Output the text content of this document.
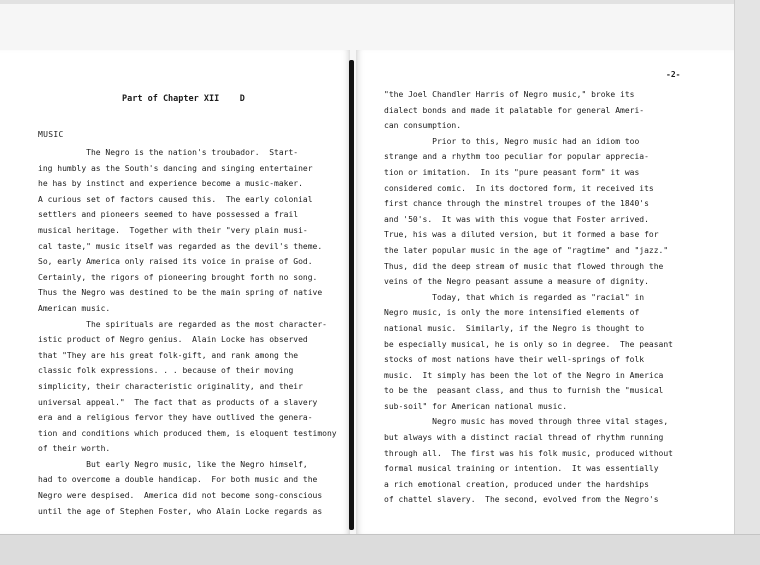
Part of Chapter XII    D
MUSIC
The Negro is the nation's troubador.  Start-
ing humbly as the South's dancing and singing entertainer
he has by instinct and experience become a music-maker.
A curious set of factors caused this.  The early colonial
settlers and pioneers seemed to have possessed a frail
musical heritage.  Together with their "very plain musi-
cal taste," music itself was regarded as the devil's theme.
So, early America only raised its voice in praise of God.
Certainly, the rigors of pioneering brought forth no song.
Thus the Negro was destined to be the main spring of native
American music.
The spirituals are regarded as the most character-
istic product of Negro genius.  Alain Locke has observed
that "They are his great folk-gift, and rank among the
classic folk expressions. . . because of their moving
simplicity, their characteristic originality, and their
universal appeal."  The fact that as products of a slavery
era and a religious fervor they have outlived the genera-
tion and conditions which produced them, is eloquent testimony
of their worth.
But early Negro music, like the Negro himself,
had to overcome a double handicap.  For both music and the
Negro were despised.  America did not become song-conscious
until the age of Stephen Foster, who Alain Locke regards as
-2-
"the Joel Chandler Harris of Negro music," broke its
dialect bonds and made it palatable for general Ameri-
can consumption.
Prior to this, Negro music had an idiom too
strange and a rhythm too peculiar for popular apprecia-
tion or imitation.  In its "pure peasant form" it was
considered comic.  In its doctored form, it received its
first chance through the minstrel troupes of the 1840's
and '50's.  It was with this vogue that Foster arrived.
True, his was a diluted version, but it formed a base for
the later popular music in the age of "ragtime" and "jazz."
Thus, did the deep stream of music that flowed through the
veins of the Negro peasant assume a measure of dignity.
Today, that which is regarded as "racial" in
Negro music, is only the more intensified elements of
national music.  Similarly, if the Negro is thought to
be especially musical, he is only so in degree.  The peasant
stocks of most nations have their well-springs of folk
music.  It simply has been the lot of the Negro in America
to be the  peasant class, and thus to furnish the "musical
sub-soil" for American national music.
Negro music has moved through three vital stages,
but always with a distinct racial thread of rhythm running
through all.  The first was his folk music, produced without
formal musical training or intention.  It was essentially
a rich emotional creation, produced under the hardships
of chattel slavery.  The second, evolved from the Negro's
